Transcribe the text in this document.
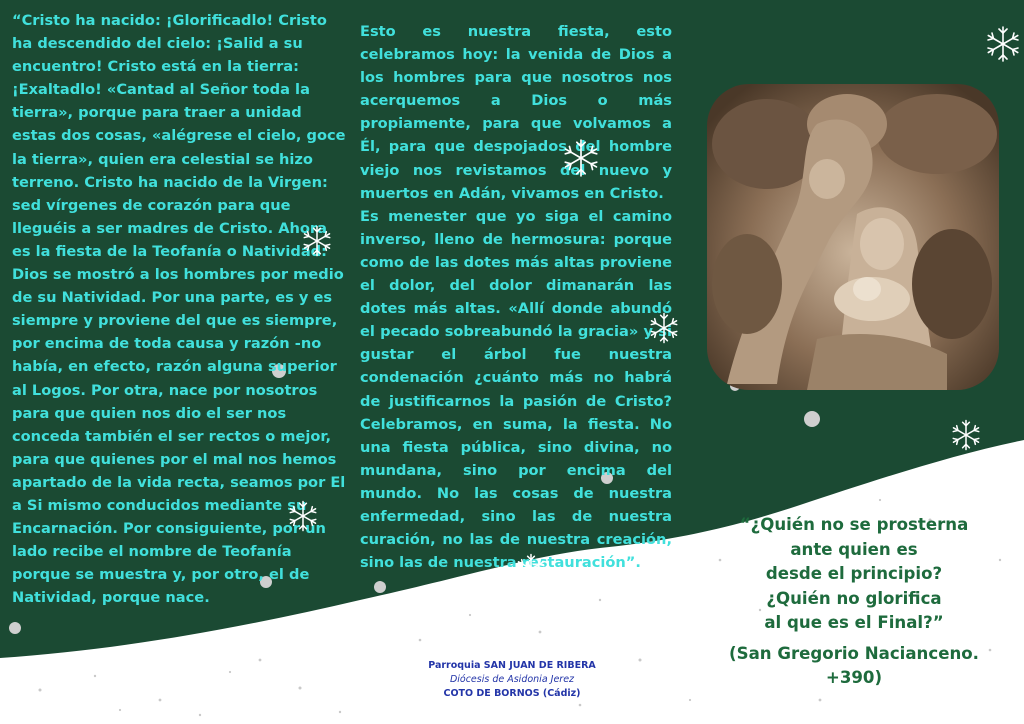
“Cristo ha nacido: ¡Glorificadlo! Cristo ha descendido del cielo: ¡Salid a su encuentro! Cristo está en la tierra: ¡Exaltadlo! «Cantad al Señor toda la tierra», porque para traer a unidad estas dos cosas, «alégrese el cielo, goce la tierra», quien era celestial se hizo terreno. Cristo ha nacido de la Virgen: sed vírgenes de corazón para que lleguéis a ser madres de Cristo. Ahora es la fiesta de la Teofanía o Natividad: Dios se mostró a los hombres por medio de su Natividad. Por una parte, es y es siempre y proviene del que es siempre, por encima de toda causa y razón -no había, en efecto, razón alguna superior al Logos. Por otra, nace por nosotros para que quien nos dio el ser nos conceda también el ser rectos o mejor, para que quienes por el mal nos hemos apartado de la vida recta, seamos por El a Si mismo conducidos mediante su Encarnación. Por consiguiente, por un lado recibe el nombre de Teofanía porque se muestra y, por otro, el de Natividad, porque nace.
Esto es nuestra fiesta, esto celebramos hoy: la venida de Dios a los hombres para que nosotros nos acerquemos a Dios o más propiamente, para que volvamos a Él, para que despojados del hombre viejo nos revistamos del nuevo y muertos en Adán, vivamos en Cristo.
Es menester que yo siga el camino inverso, lleno de hermosura: porque como de las dotes más altas proviene el dolor, del dolor dimanarán las dotes más altas. «Allí donde abundó el pecado sobreabundó la gracia» y si gustar el árbol fue nuestra condenación ¿cuánto más no habrá de justificarnos la pasión de Cristo? Celebramos, en suma, la fiesta. No una fiesta pública, sino divina, no mundana, sino por encima del mundo. No las cosas de nuestra enfermedad, sino las de nuestra curación, no las de nuestra creación, sino las de nuestra restauración”.
“¿Quién no se prosterna
ante quien es
desde el principio?
¿Quién no glorifica
al que es el Final?”
(San Gregorio Nacianceno. +390)
Parroquia SAN JUAN DE RIBERA
Diócesis de Asidonia Jerez
COTO DE BORNOS (Cádiz)
